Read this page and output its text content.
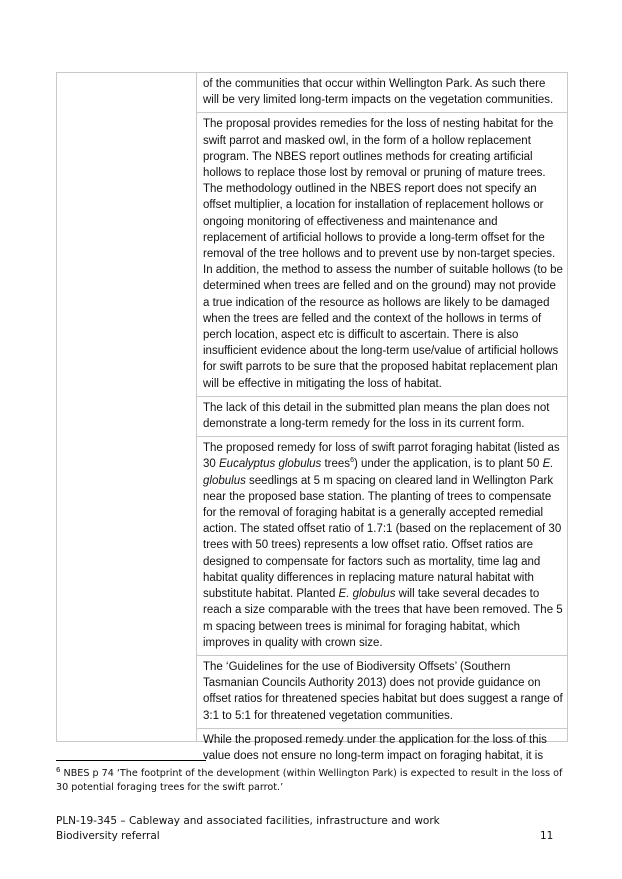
of the communities that occur within Wellington Park. As such there will be very limited long-term impacts on the vegetation communities.
The proposal provides remedies for the loss of nesting habitat for the swift parrot and masked owl, in the form of a hollow replacement program. The NBES report outlines methods for creating artificial hollows to replace those lost by removal or pruning of mature trees. The methodology outlined in the NBES report does not specify an offset multiplier, a location for installation of replacement hollows or ongoing monitoring of effectiveness and maintenance and replacement of artificial hollows to provide a long-term offset for the removal of the tree hollows and to prevent use by non-target species. In addition, the method to assess the number of suitable hollows (to be determined when trees are felled and on the ground) may not provide a true indication of the resource as hollows are likely to be damaged when the trees are felled and the context of the hollows in terms of perch location, aspect etc is difficult to ascertain. There is also insufficient evidence about the long-term use/value of artificial hollows for swift parrots to be sure that the proposed habitat replacement plan will be effective in mitigating the loss of habitat.
The lack of this detail in the submitted plan means the plan does not demonstrate a long-term remedy for the loss in its current form.
The proposed remedy for loss of swift parrot foraging habitat (listed as 30 Eucalyptus globulus trees$^6$) under the application, is to plant 50 E. globulus seedlings at 5 m spacing on cleared land in Wellington Park near the proposed base station. The planting of trees to compensate for the removal of foraging habitat is a generally accepted remedial action. The stated offset ratio of 1.7:1 (based on the replacement of 30 trees with 50 trees) represents a low offset ratio. Offset ratios are designed to compensate for factors such as mortality, time lag and habitat quality differences in replacing mature natural habitat with substitute habitat. Planted E. globulus will take several decades to reach a size comparable with the trees that have been removed. The 5 m spacing between trees is minimal for foraging habitat, which improves in quality with crown size.
The ‘Guidelines for the use of Biodiversity Offsets’ (Southern Tasmanian Councils Authority 2013) does not provide guidance on offset ratios for threatened species habitat but does suggest a range of 3:1 to 5:1 for threatened vegetation communities.
While the proposed remedy under the application for the loss of this value does not ensure no long-term impact on foraging habitat, it is
$^6$ NBES p 74 ‘The footprint of the development (within Wellington Park) is expected to result in the loss of 30 potential foraging trees for the swift parrot.’
PLN-19-345 – Cableway and associated facilities, infrastructure and work
Biodiversity referral	11
